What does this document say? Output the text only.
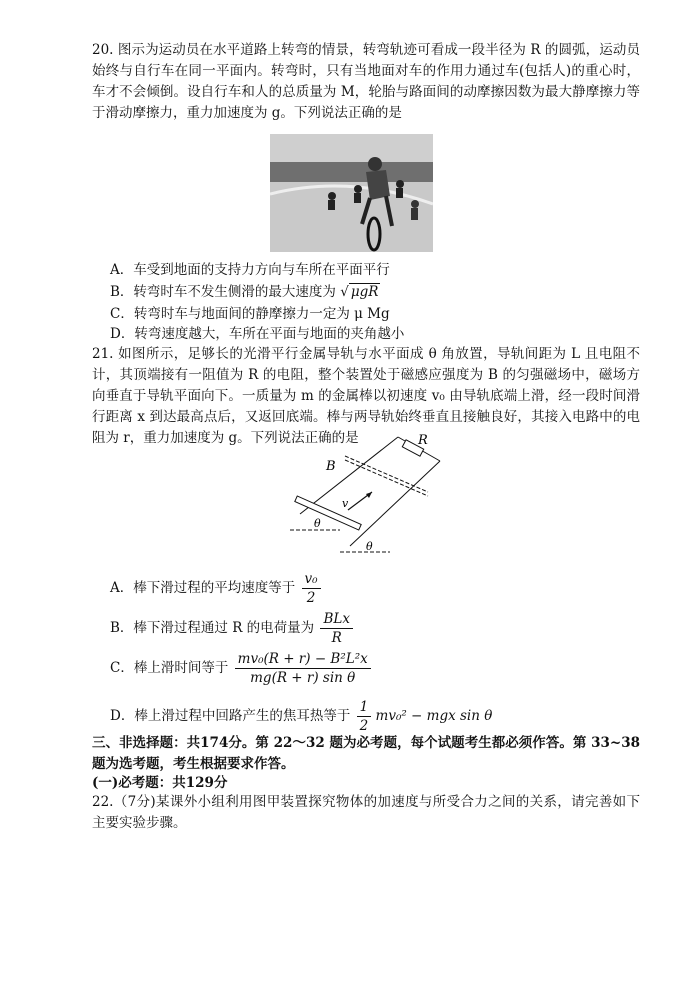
20. 图示为运动员在水平道路上转弯的情景，转弯轨迹可看成一段半径为 R 的圆弧，运动员始终与自行车在同一平面内。转弯时，只有当地面对车的作用力通过车(包括人)的重心时，车才不会倾倒。设自行车和人的总质量为 M，轮胎与路面间的动摩擦因数为最大静摩擦力等于滑动摩擦力，重力加速度为 g。下列说法正确的是
A．车受到地面的支持力方向与车所在平面平行
B．转弯时车不发生侧滑的最大速度为 √ μgR
C．转弯时车与地面间的静摩擦力一定为 μ Mg
D．转弯速度越大，车所在平面与地面的夹角越小
21. 如图所示，足够长的光滑平行金属导轨与水平面成 θ 角放置，导轨间距为 L 且电阻不计，其顶端接有一阻值为 R 的电阻，整个装置处于磁感应强度为 B 的匀强磁场中，磁场方向垂直于导轨平面向下。一质量为 m 的金属棒以初速度 v₀ 由导轨底端上滑，经一段时间滑行距离 x 到达最高点后，又返回底端。棒与两导轨始终垂直且接触良好，其接入电路中的电阻为 r，重力加速度为 g。下列说法正确的是	R
B
v
θ
θ
A．棒下滑过程的平均速度等于 $\frac{\text{v₀}}{2}$
B．棒下滑过程通过 R 的电荷量为 $\frac{\text{BLx}}{R}$
C．棒上滑时间等于 $\frac{\text{mv₀(R + r) − B²L²x}}{\text{mg(R + r) sin θ}}$
D．棒上滑过程中回路产生的焦耳热等于 $\frac{1}{2} mv_0^2$ − mgx sin θ
三、非选择题：共174分。第 22～32 题为必考题，每个试题考生都必须作答。第 33~38 题为选考题，考生根据要求作答。
(一)必考题：共129分
22.（7分)某课外小组利用图甲装置探究物体的加速度与所受合力之间的关系，请完善如下主要实验步骤。
